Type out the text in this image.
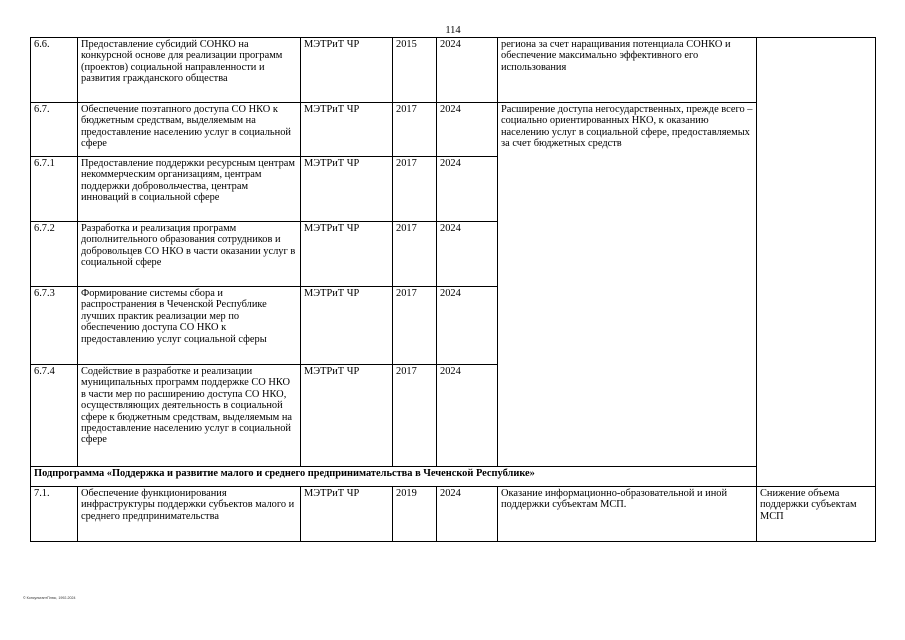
114
6.6.	Предоставление субсидий СОНКО на конкурсной основе для реализации программ (проектов) социальной направленности и развития гражданского общества	МЭТРиТ ЧР	2015	2024	региона за счет наращивания потенциала СОНКО и обеспечение максимально эффективного его использования	
6.7.	Обеспечение поэтапного доступа СО НКО к бюджетным средствам, выделяемым на предоставление населению услуг в социальной сфере	МЭТРиТ ЧР	2017	2024	Расширение доступа негосударственных, прежде всего – социально ориентированных НКО, к оказанию населению услуг в социальной сфере, предоставляемых за счет бюджетных средств	
6.7.1	Предоставление поддержки ресурсным центрам некоммерческим организациям, центрам поддержки добровольчества, центрам инноваций в социальной сфере	МЭТРиТ ЧР	2017	2024		
6.7.2	Разработка и реализация программ дополнительного образования сотрудников и добровольцев СО НКО в части оказании услуг в социальной сфере	МЭТРиТ ЧР	2017	2024		
6.7.3	Формирование системы сбора и распространения в Чеченской Республике лучших практик реализации мер по обеспечению доступа СО НКО к предоставлению услуг социальной сферы	МЭТРиТ ЧР	2017	2024		
6.7.4	Содействие в разработке и реализации муниципальных программ поддержке СО НКО в части мер по расширению доступа СО НКО, осуществляющих деятельность в социальной сфере к бюджетным средствам, выделяемым на предоставление населению услуг в социальной сфере	МЭТРиТ ЧР	2017	2024		
Подпрограмма «Поддержка и развитие малого и среднего предпринимательства в Чеченской Республике»						
7.1.	Обеспечение функционирования инфраструктуры поддержки субъектов малого и среднего предпринимательства	МЭТРиТ ЧР	2019	2024	Оказание информационно-образовательной и иной поддержки субъектам МСП.	Снижение объема поддержки субъектам МСП
© КонсультантПлюс, 1992-2024
